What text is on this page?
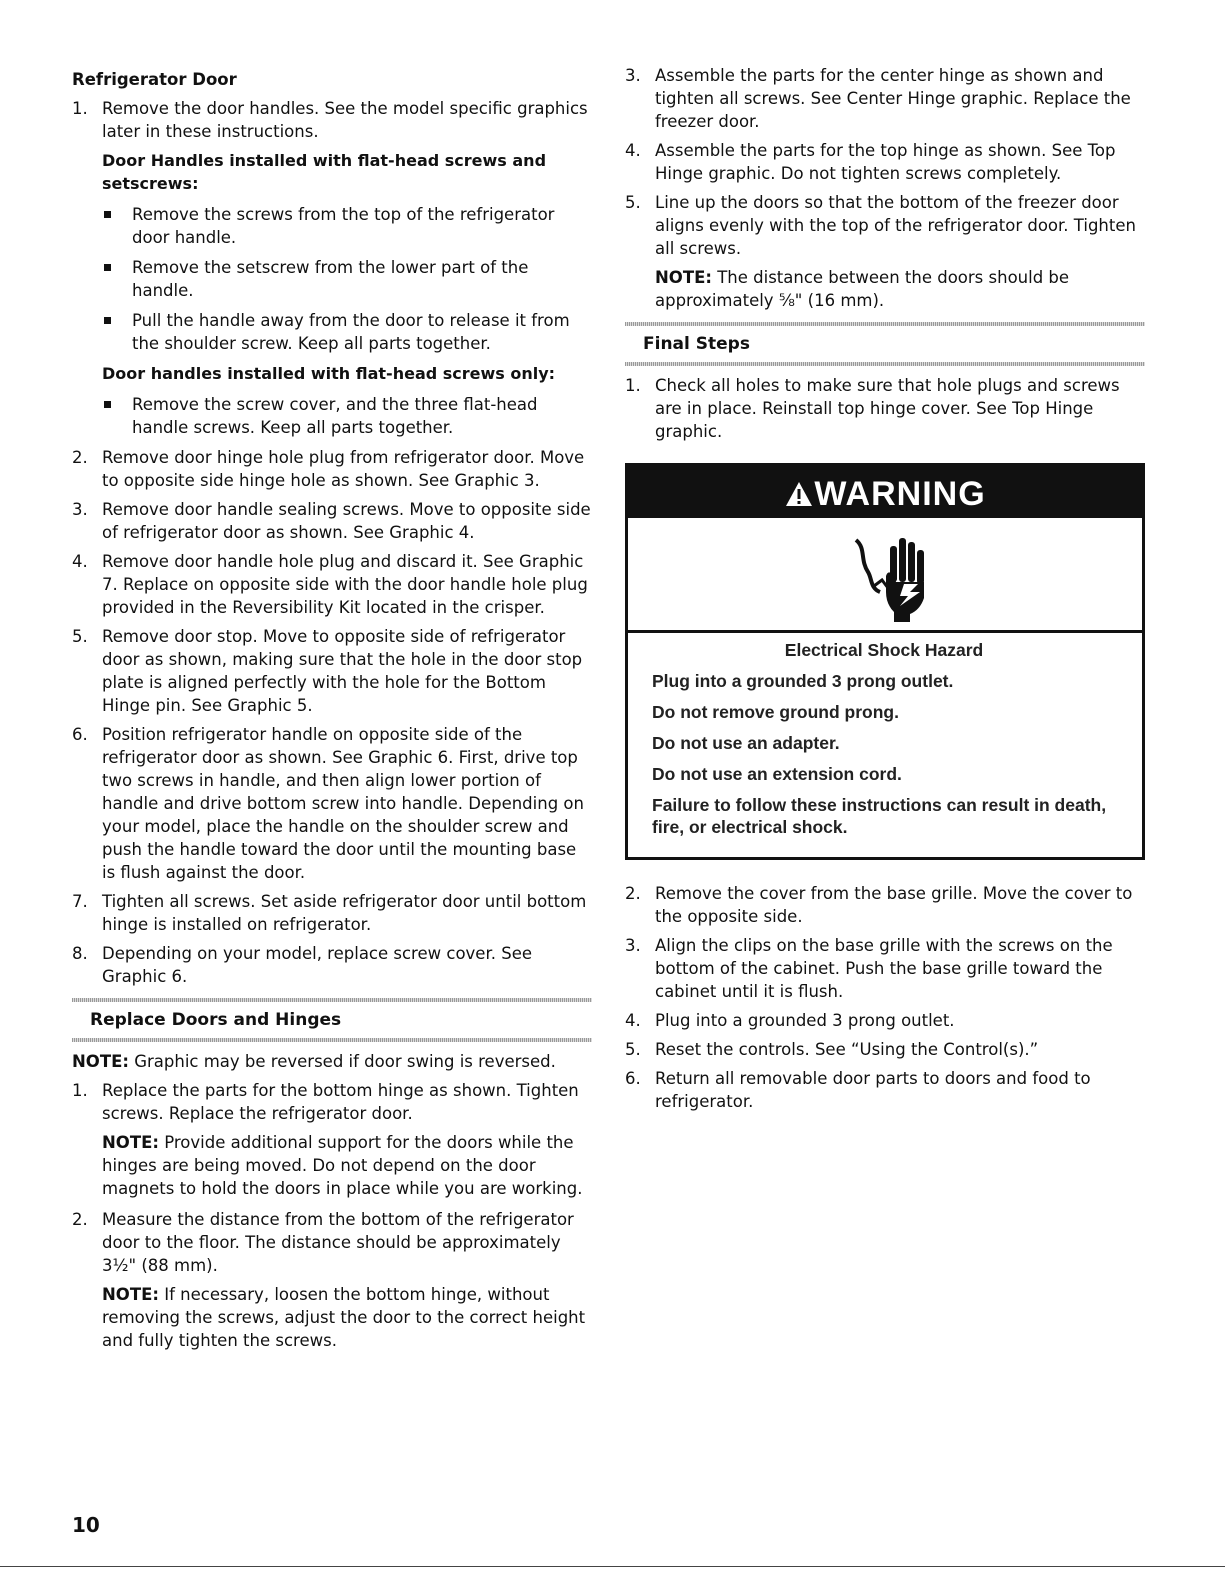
Refrigerator Door
1. Remove the door handles. See the model specific graphics later in these instructions.
Door Handles installed with flat-head screws and setscrews:
Remove the screws from the top of the refrigerator door handle.
Remove the setscrew from the lower part of the handle.
Pull the handle away from the door to release it from the shoulder screw. Keep all parts together.
Door handles installed with flat-head screws only:
Remove the screw cover, and the three flat-head handle screws. Keep all parts together.
2. Remove door hinge hole plug from refrigerator door. Move to opposite side hinge hole as shown. See Graphic 3.
3. Remove door handle sealing screws. Move to opposite side of refrigerator door as shown. See Graphic 4.
4. Remove door handle hole plug and discard it. See Graphic 7. Replace on opposite side with the door handle hole plug provided in the Reversibility Kit located in the crisper.
5. Remove door stop. Move to opposite side of refrigerator door as shown, making sure that the hole in the door stop plate is aligned perfectly with the hole for the Bottom Hinge pin. See Graphic 5.
6. Position refrigerator handle on opposite side of the refrigerator door as shown. See Graphic 6. First, drive top two screws in handle, and then align lower portion of handle and drive bottom screw into handle. Depending on your model, place the handle on the shoulder screw and push the handle toward the door until the mounting base is flush against the door.
7. Tighten all screws. Set aside refrigerator door until bottom hinge is installed on refrigerator.
8. Depending on your model, replace screw cover. See Graphic 6.
Replace Doors and Hinges
NOTE: Graphic may be reversed if door swing is reversed.
1. Replace the parts for the bottom hinge as shown. Tighten screws. Replace the refrigerator door.
NOTE: Provide additional support for the doors while the hinges are being moved. Do not depend on the door magnets to hold the doors in place while you are working.
2. Measure the distance from the bottom of the refrigerator door to the floor. The distance should be approximately 3½" (88 mm).
NOTE: If necessary, loosen the bottom hinge, without removing the screws, adjust the door to the correct height and fully tighten the screws.
3. Assemble the parts for the center hinge as shown and tighten all screws. See Center Hinge graphic. Replace the freezer door.
4. Assemble the parts for the top hinge as shown. See Top Hinge graphic. Do not tighten screws completely.
5. Line up the doors so that the bottom of the freezer door aligns evenly with the top of the refrigerator door. Tighten all screws.
NOTE: The distance between the doors should be approximately ⅝" (16 mm).
Final Steps
1. Check all holes to make sure that hole plugs and screws are in place. Reinstall top hinge cover. See Top Hinge graphic.
WARNING
Electrical Shock Hazard
Plug into a grounded 3 prong outlet.
Do not remove ground prong.
Do not use an adapter.
Do not use an extension cord.
Failure to follow these instructions can result in death, fire, or electrical shock.
2. Remove the cover from the base grille. Move the cover to the opposite side.
3. Align the clips on the base grille with the screws on the bottom of the cabinet. Push the base grille toward the cabinet until it is flush.
4. Plug into a grounded 3 prong outlet.
5. Reset the controls. See “Using the Control(s).”
6. Return all removable door parts to doors and food to refrigerator.
10
